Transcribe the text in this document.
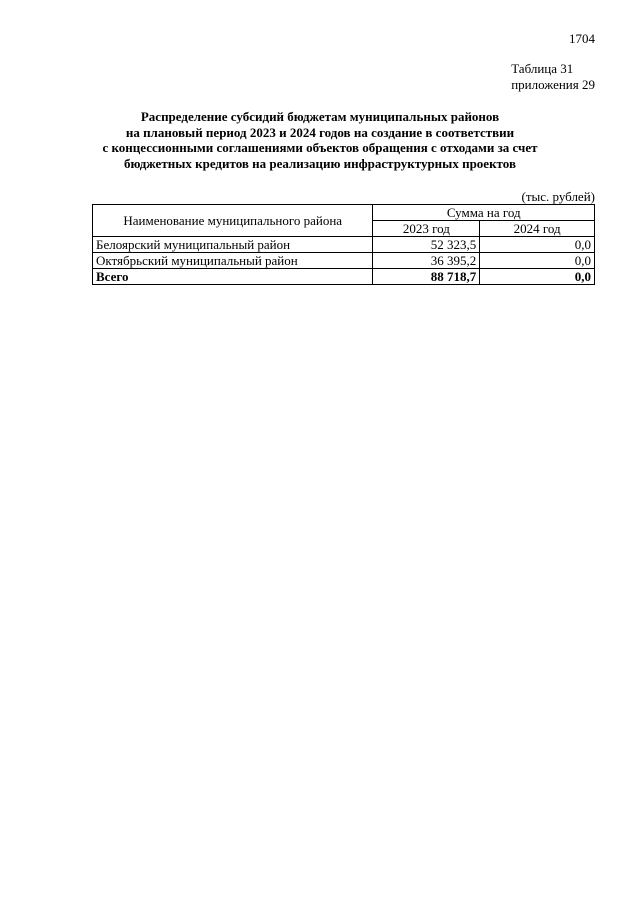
1704
Таблица 31
приложения 29
Распределение субсидий бюджетам муниципальных районов
на плановый период 2023 и 2024 годов на создание в соответствии
с концессионными соглашениями объектов обращения с отходами за счет
бюджетных кредитов на реализацию инфраструктурных проектов
(тыс. рублей)
Наименование муниципального района	Сумма на год	
	2023 год	2024 год
Белоярский муниципальный район	52 323,5	0,0
Октябрьский муниципальный район	36 395,2	0,0
Всего	88 718,7	0,0
